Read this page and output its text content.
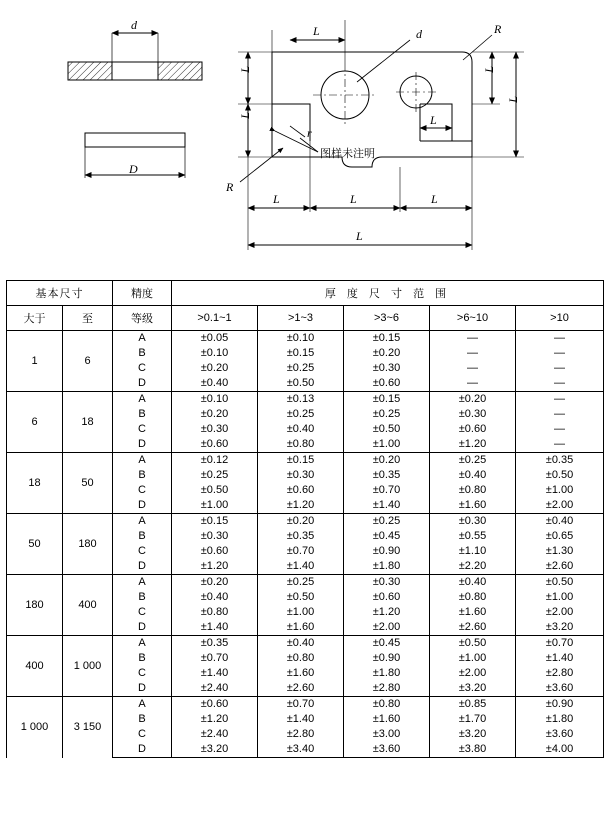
d
D
L	d	R
L
L
L
L
L
r
R
图样未注明
L	L	L
L
基本尺寸		精度	厚 度 尺 寸 范 围				
大于	至	等级	>0.1~1	>1~3	>3~6	>6~10	>10
1	6	A	±0.05	±0.10	±0.15	—	—
		B	±0.10	±0.15	±0.20	—	—
		C	±0.20	±0.25	±0.30	—	—
		D	±0.40	±0.50	±0.60	—	—
6	18	A	±0.10	±0.13	±0.15	±0.20	—
		B	±0.20	±0.25	±0.25	±0.30	—
		C	±0.30	±0.40	±0.50	±0.60	—
		D	±0.60	±0.80	±1.00	±1.20	—
18	50	A	±0.12	±0.15	±0.20	±0.25	±0.35
		B	±0.25	±0.30	±0.35	±0.40	±0.50
		C	±0.50	±0.60	±0.70	±0.80	±1.00
		D	±1.00	±1.20	±1.40	±1.60	±2.00
50	180	A	±0.15	±0.20	±0.25	±0.30	±0.40
		B	±0.30	±0.35	±0.45	±0.55	±0.65
		C	±0.60	±0.70	±0.90	±1.10	±1.30
		D	±1.20	±1.40	±1.80	±2.20	±2.60
180	400	A	±0.20	±0.25	±0.30	±0.40	±0.50
		B	±0.40	±0.50	±0.60	±0.80	±1.00
		C	±0.80	±1.00	±1.20	±1.60	±2.00
		D	±1.40	±1.60	±2.00	±2.60	±3.20
400	1 000	A	±0.35	±0.40	±0.45	±0.50	±0.70
		B	±0.70	±0.80	±0.90	±1.00	±1.40
		C	±1.40	±1.60	±1.80	±2.00	±2.80
		D	±2.40	±2.60	±2.80	±3.20	±3.60
1 000	3 150	A	±0.60	±0.70	±0.80	±0.85	±0.90
		B	±1.20	±1.40	±1.60	±1.70	±1.80
		C	±2.40	±2.80	±3.00	±3.20	±3.60
		D	±3.20	±3.40	±3.60	±3.80	±4.00
